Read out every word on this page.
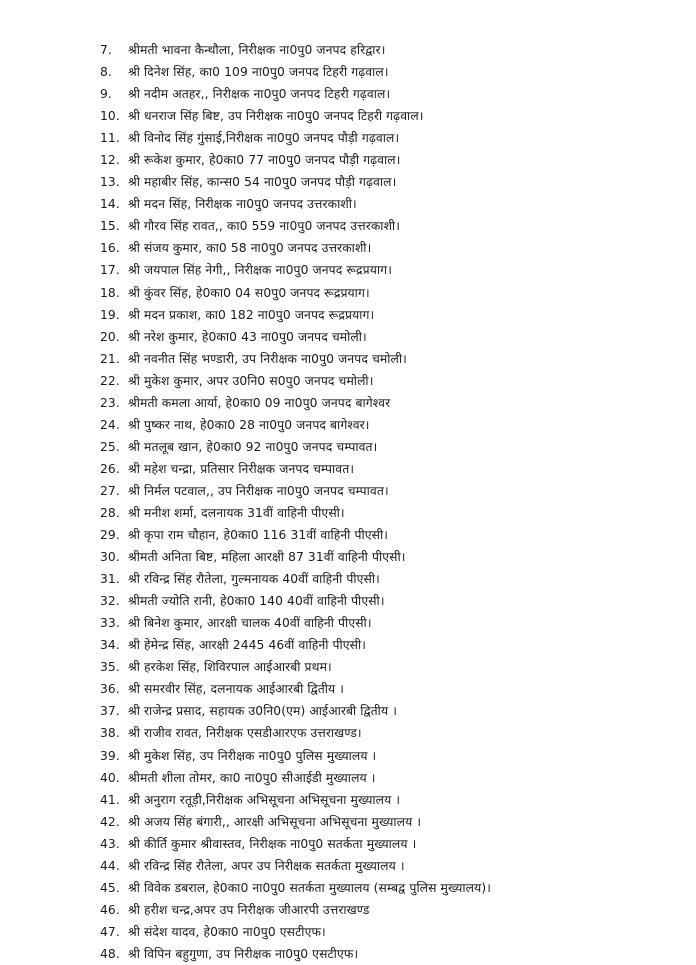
7. श्रीमती भावना कैन्थौला, निरीक्षक ना0पु0 जनपद हरिद्वार।
8. श्री दिनेश सिंह, का0 109 ना0पु0 जनपद टिहरी गढ़वाल।
9. श्री नदीम अतहर,, निरीक्षक ना0पु0 जनपद टिहरी गढ़वाल।
10. श्री धनराज सिंह बिष्ट, उप निरीक्षक ना0पु0 जनपद टिहरी गढ़वाल।
11. श्री विनोद सिंह गुंसाई,निरीक्षक ना0पु0 जनपद पौड़ी गढ़वाल।
12. श्री रूकेश कुमार, हे0का0 77 ना0पु0 जनपद पौड़ी गढ़वाल।
13. श्री महाबीर सिंह, कान्स0 54 ना0पु0 जनपद पौड़ी गढ़वाल।
14. श्री मदन सिंह, निरीक्षक ना0पु0 जनपद उत्तरकाशी।
15. श्री गौरव सिंह रावत,, का0 559 ना0पु0 जनपद उत्तरकाशी।
16. श्री संजय कुमार, का0 58 ना0पु0 जनपद उत्तरकाशी।
17. श्री जयपाल सिंह नेगी,, निरीक्षक ना0पु0 जनपद रूद्रप्रयाग।
18. श्री कुंवर सिंह, हे0का0 04 स0पु0 जनपद रूद्रप्रयाग।
19. श्री मदन प्रकाश, का0 182 ना0पु0 जनपद रूद्रप्रयाग।
20. श्री नरेश कुमार, हे0का0 43 ना0पु0 जनपद चमोली।
21. श्री नवनीत सिंह भण्डारी, उप निरीक्षक ना0पु0 जनपद चमोली।
22. श्री मुकेश कुमार, अपर उ0नि0 स0पु0 जनपद चमोली।
23. श्रीमती कमला आर्या, हे0का0 09 ना0पु0 जनपद बागेश्वर
24. श्री पुष्कर नाथ, हे0का0 28 ना0पु0 जनपद बागेश्वर।
25. श्री मतलूब खान, हे0का0 92 ना0पु0 जनपद चम्पावत।
26. श्री महेश चन्द्रा, प्रतिसार निरीक्षक जनपद चम्पावत।
27. श्री निर्मल पटवाल,, उप निरीक्षक ना0पु0 जनपद चम्पावत।
28. श्री मनीश शर्मा, दलनायक 31वीं वाहिनी पीएसी।
29. श्री कृपा राम चौहान, हे0का0 116 31वीं वाहिनी पीएसी।
30. श्रीमती अनिता बिष्ट, महिला आरक्षी 87 31वीं वाहिनी पीएसी।
31. श्री रविन्द्र सिंह रौतेला, गुल्मनायक 40वीं वाहिनी पीएसी।
32. श्रीमती ज्योति रानी, हे0का0 140 40वीं वाहिनी पीएसी।
33. श्री बिनेश कुमार, आरक्षी चालक 40वीं वाहिनी पीएसी।
34. श्री हेमेन्द्र सिंह, आरक्षी 2445 46वीं वाहिनी पीएसी।
35. श्री हरकेश सिंह, शिविरपाल आईआरबी प्रथम।
36. श्री समरवीर सिंह, दलनायक आईआरबी द्वितीय ।
37. श्री राजेन्द्र प्रसाद, सहायक उ0नि0(एम) आईआरबी द्वितीय ।
38. श्री राजीव रावत, निरीक्षक एसडीआरएफ उत्तराखण्ड।
39. श्री मुकेश सिंह, उप निरीक्षक ना0पु0 पुलिस मुख्यालय ।
40. श्रीमती शीला तोमर, का0 ना0पु0 सीआईडी मुख्यालय ।
41. श्री अनुराग रतूड़ी,निरीक्षक अभिसूचना अभिसूचना मुख्यालय ।
42. श्री अजय सिंह बंगारी,, आरक्षी अभिसूचना अभिसूचना मुख्यालय ।
43. श्री कीर्ति कुमार श्रीवास्तव, निरीक्षक ना0पु0 सतर्कता मुख्यालय ।
44. श्री रविन्द्र सिंह रौतेला, अपर उप निरीक्षक सतर्कता मुख्यालय ।
45. श्री विवेक डबराल, हे0का0 ना0पु0 सतर्कता मुख्यालय (सम्बद्व पुलिस मुख्यालय)।
46. श्री हरीश चन्द्र,अपर उप निरीक्षक जीआरपी उत्तराखण्ड
47. श्री संदेश यादव, हे0का0 ना0पु0 एसटीएफ।
48. श्री विपिन बहुगुणा, उप निरीक्षक ना0पु0 एसटीएफ।
